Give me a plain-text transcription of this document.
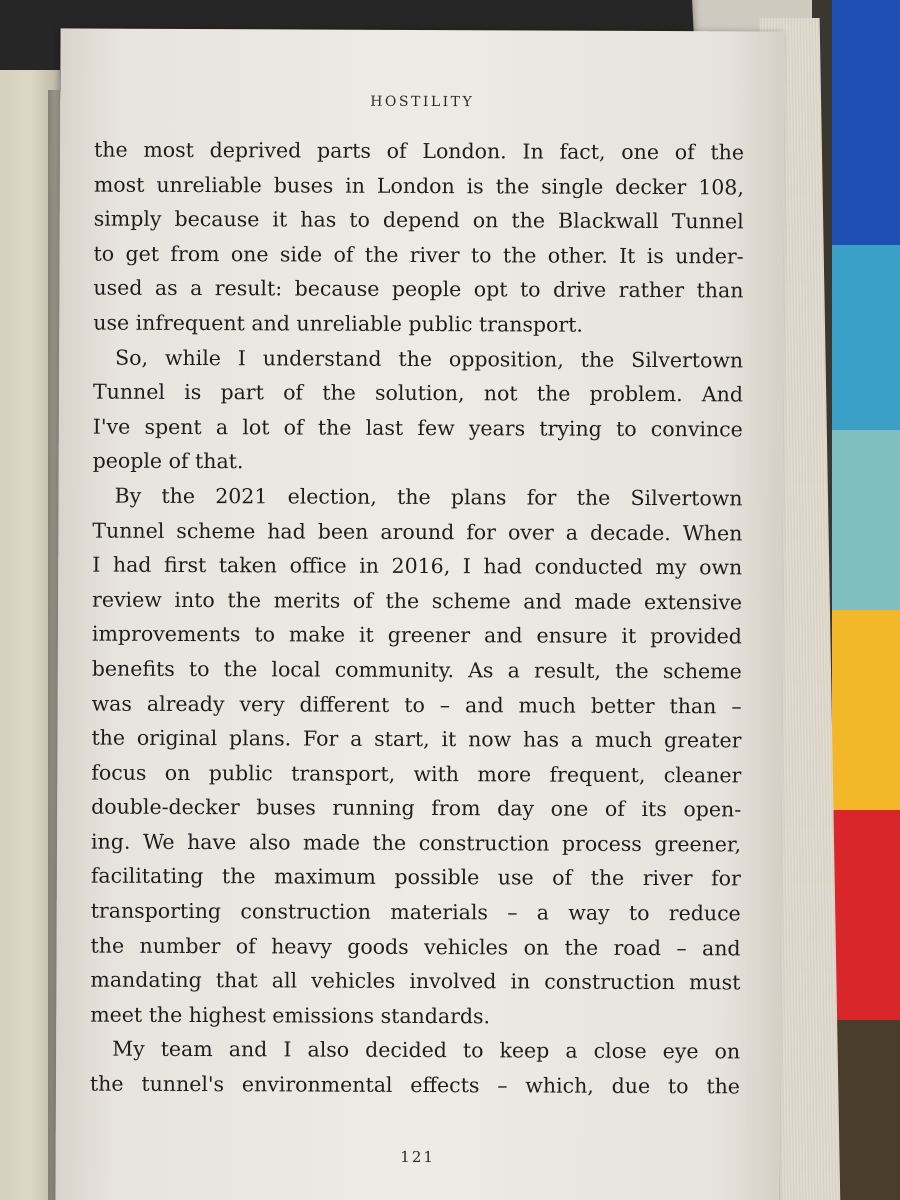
HOSTILITY
the most deprived parts of London. In fact, one of the
most unreliable buses in London is the single decker 108,
simply because it has to depend on the Blackwall Tunnel
to get from one side of the river to the other. It is under-
used as a result: because people opt to drive rather than
use infrequent and unreliable public transport.
So, while I understand the opposition, the Silvertown
Tunnel is part of the solution, not the problem. And
I've spent a lot of the last few years trying to convince
people of that.
By the 2021 election, the plans for the Silvertown
Tunnel scheme had been around for over a decade. When
I had first taken office in 2016, I had conducted my own
review into the merits of the scheme and made extensive
improvements to make it greener and ensure it provided
benefits to the local community. As a result, the scheme
was already very different to – and much better than –
the original plans. For a start, it now has a much greater
focus on public transport, with more frequent, cleaner
double-decker buses running from day one of its open-
ing. We have also made the construction process greener,
facilitating the maximum possible use of the river for
transporting construction materials – a way to reduce
the number of heavy goods vehicles on the road – and
mandating that all vehicles involved in construction must
meet the highest emissions standards.
My team and I also decided to keep a close eye on
the tunnel's environmental effects – which, due to the
121
